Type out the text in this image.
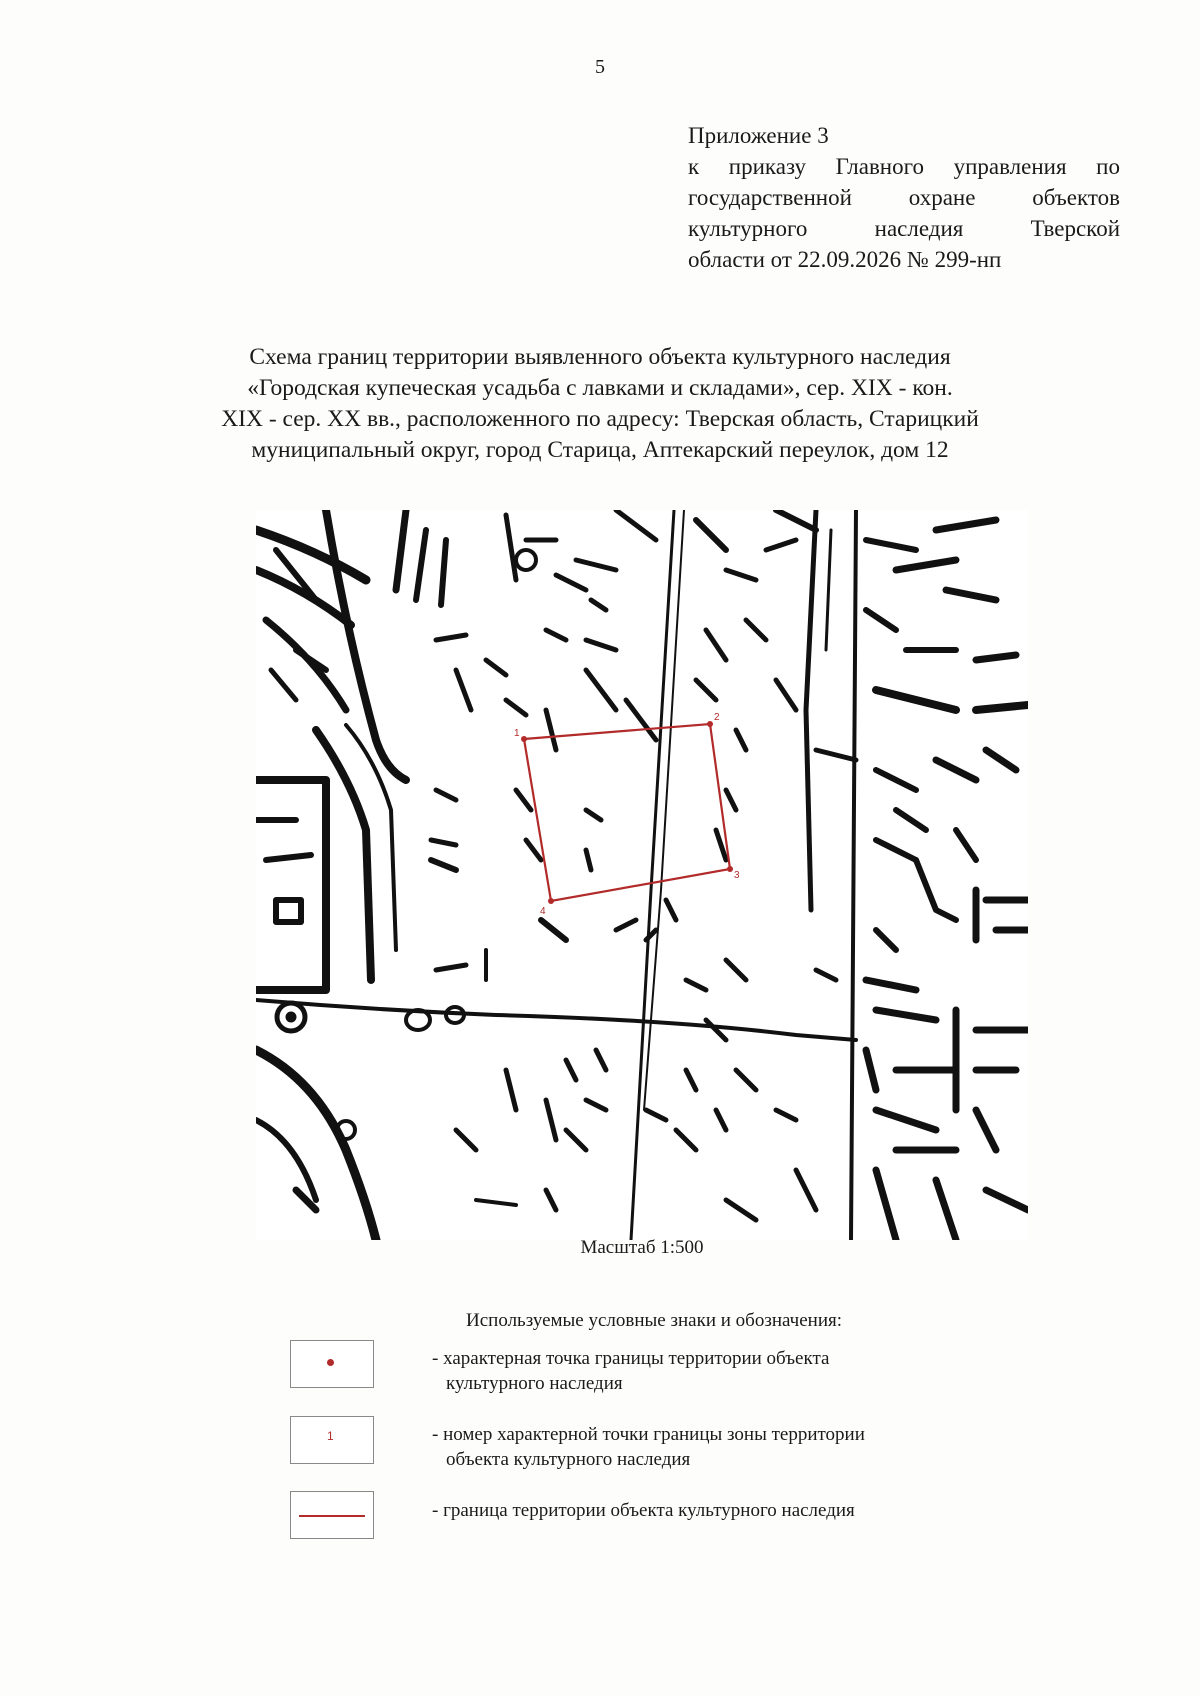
5
Приложение 3
к приказу Главного управления по
государственной охране объектов
культурного наследия Тверской
области от 22.09.2026 № 299-нп
Схема границ территории выявленного объекта культурного наследия
«Городская купеческая усадьба с лавками и складами», сер. XIX - кон.
XIX - сер. XX вв., расположенного по адресу: Тверская область, Старицкий
муниципальный округ, город Старица, Аптекарский переулок, дом 12
1
2
3
4
Масштаб 1:500
Используемые условные знаки и обозначения:
- характерная точка границы территории объекта
культурного наследия
1	- номер характерной точки границы зоны территории
объекта культурного наследия
- граница территории объекта культурного наследия
